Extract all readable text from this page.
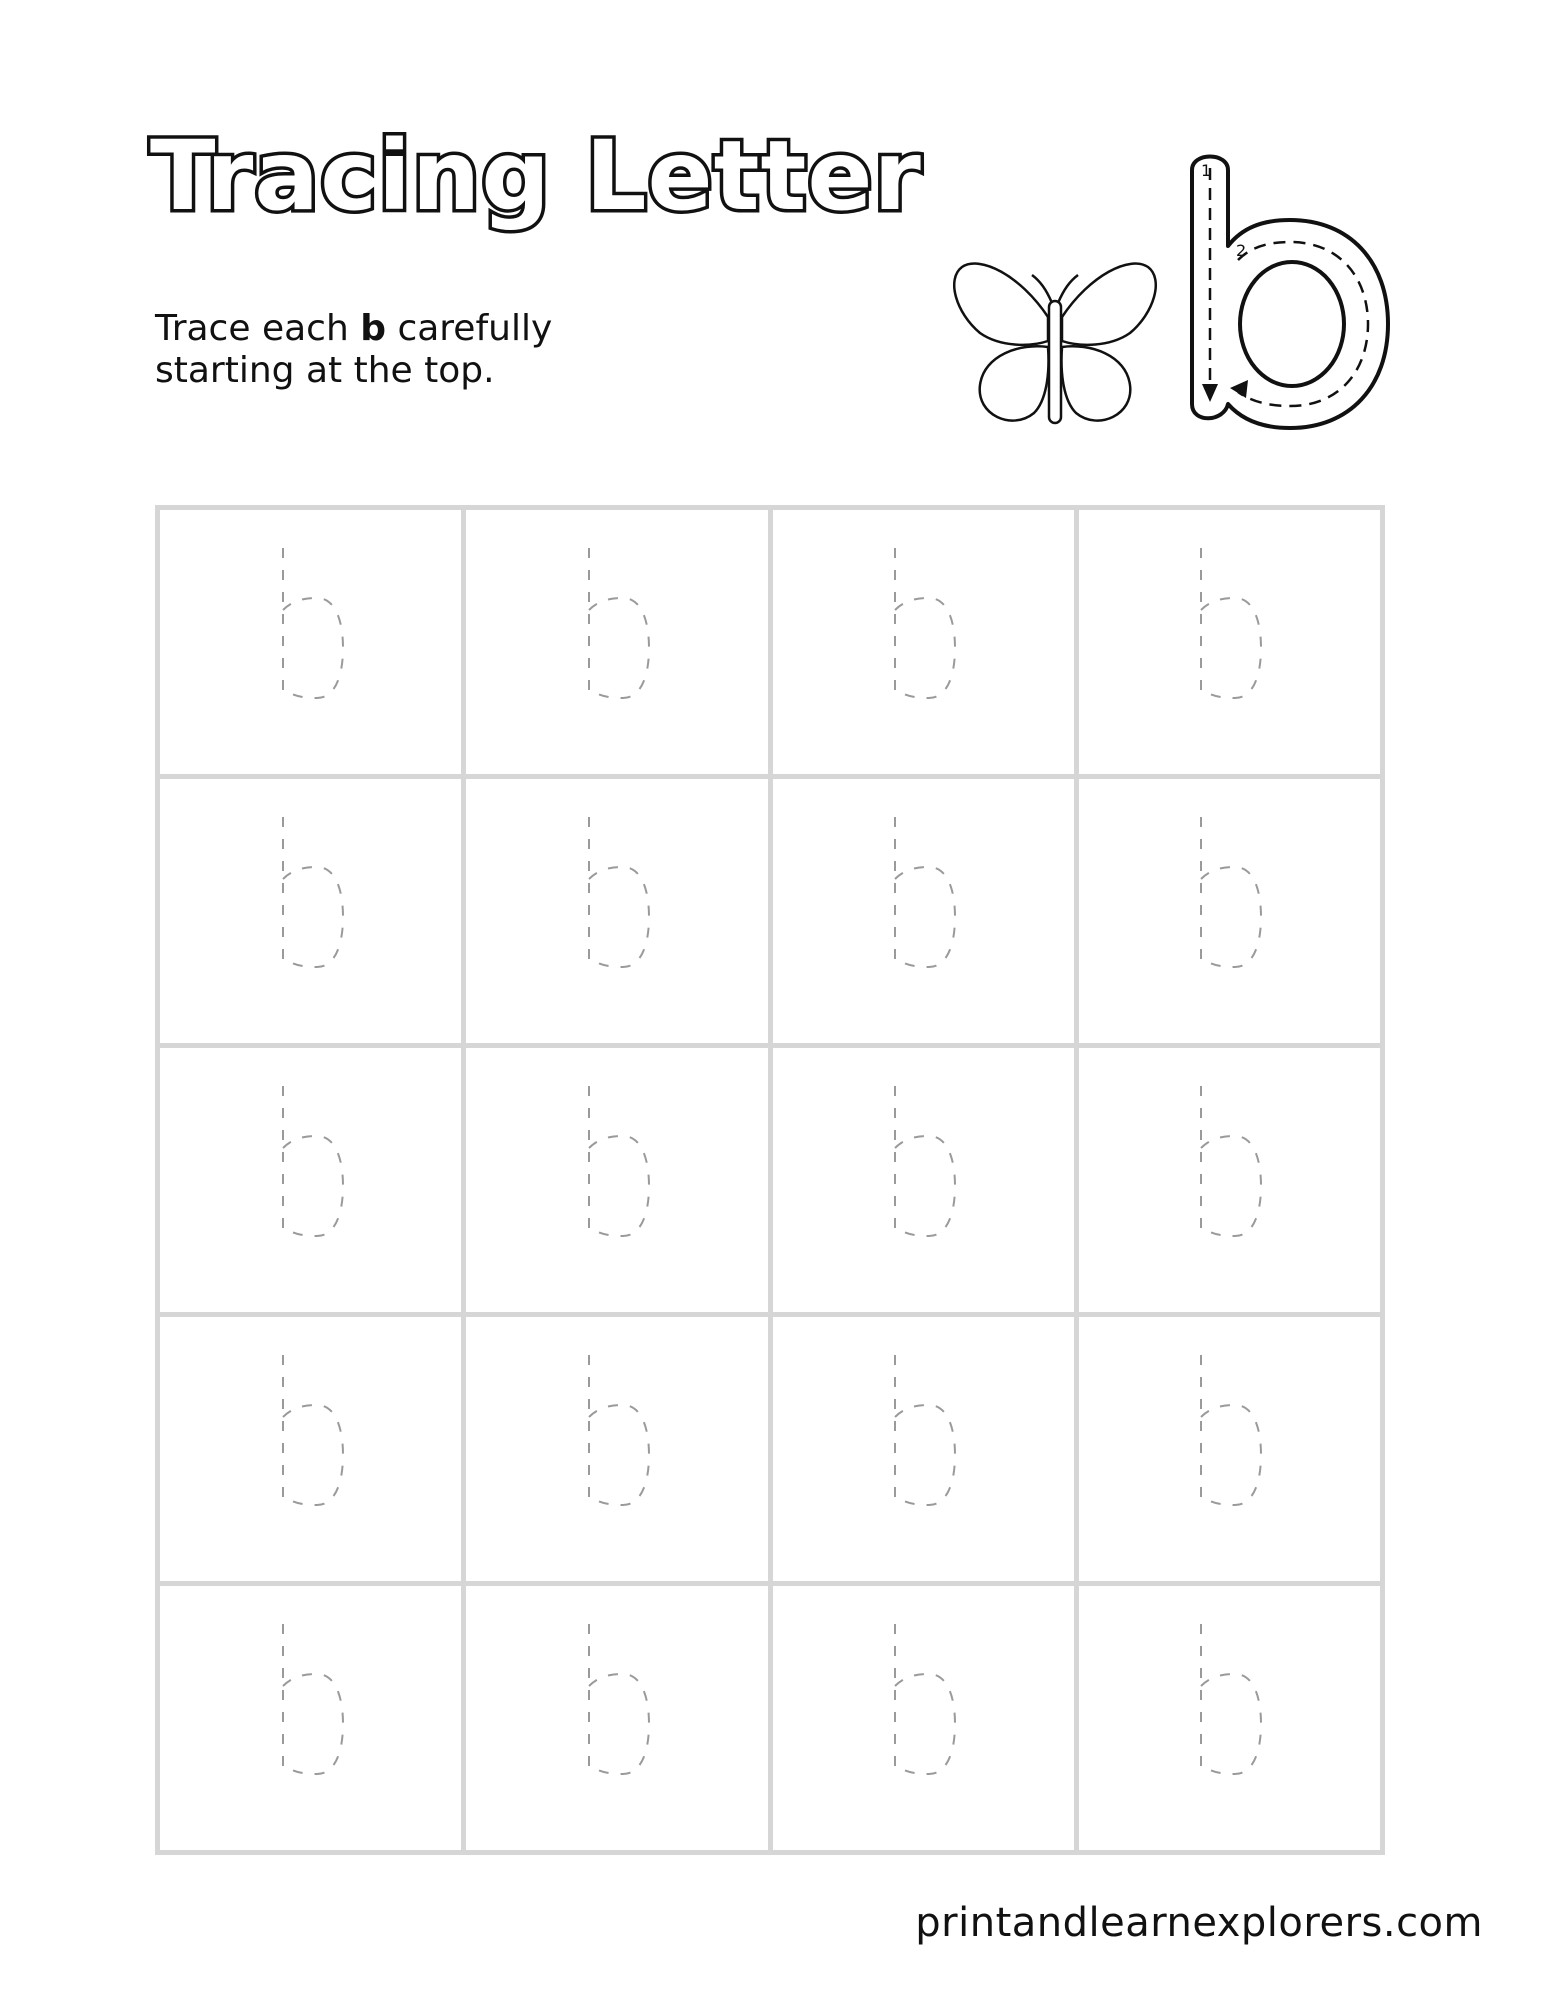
Tracing Letter
Trace each b carefully
starting at the top.
1
2
printandlearnexplorers.com
